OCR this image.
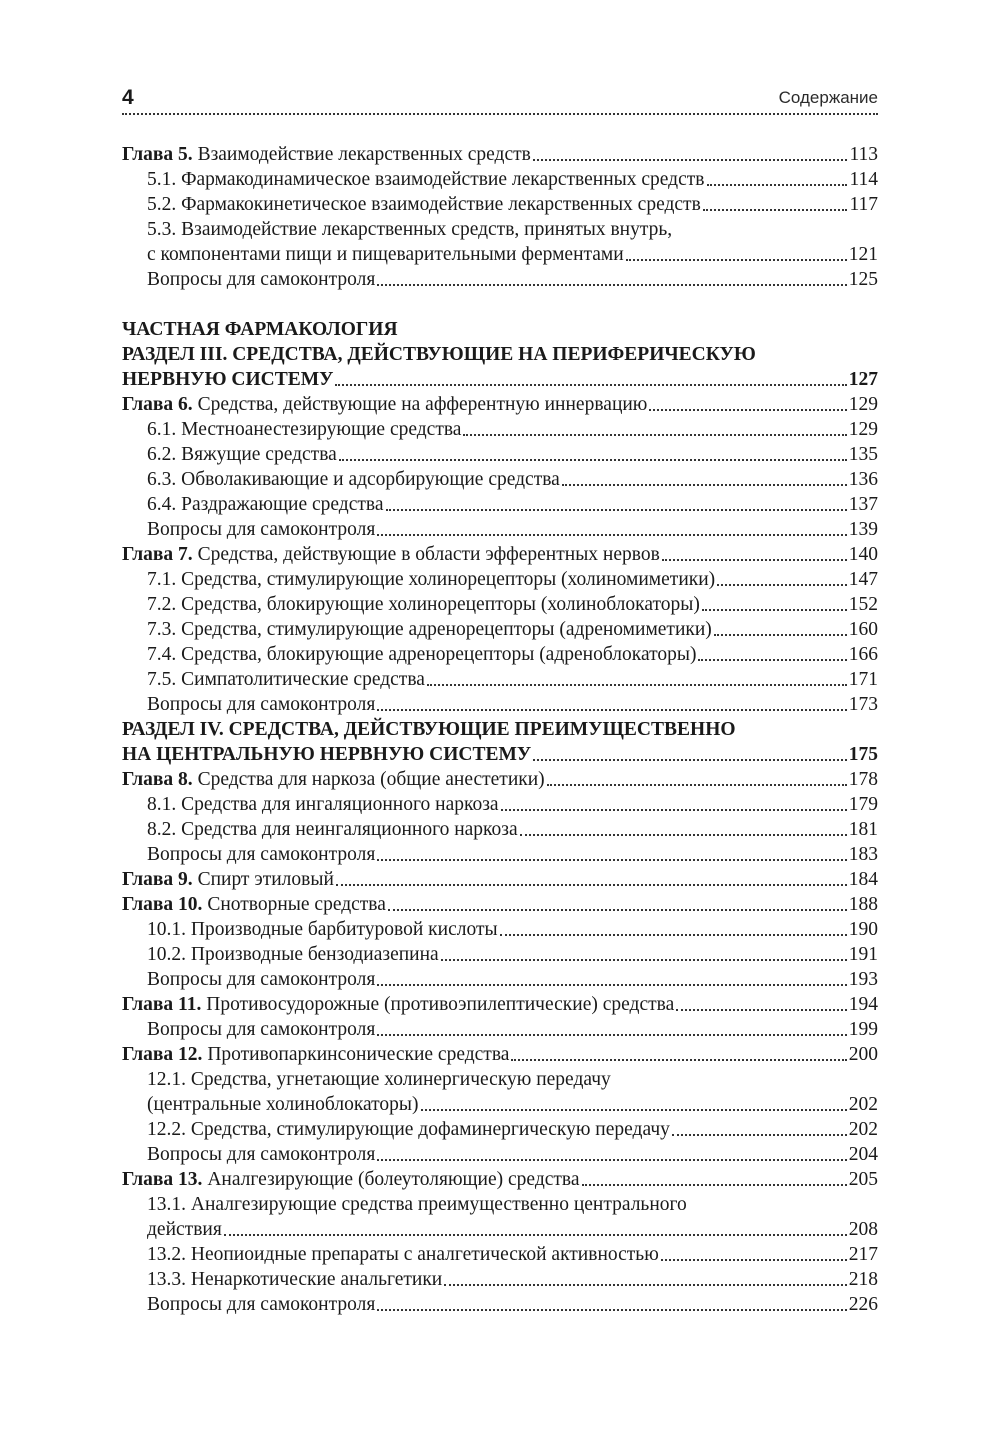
4	Содержание
Глава 5. Взаимодействие лекарственных средств	113
5.1. Фармакодинамическое взаимодействие лекарственных средств	114
5.2. Фармакокинетическое взаимодействие лекарственных средств	117
5.3. Взаимодействие лекарственных средств, принятых внутрь,
с компонентами пищи и пищеварительными ферментами	121
Вопросы для самоконтроля	125
ЧАСТНАЯ ФАРМАКОЛОГИЯ
РАЗДЕЛ III. СРЕДСТВА, ДЕЙСТВУЮЩИЕ НА ПЕРИФЕРИЧЕСКУЮ
НЕРВНУЮ СИСТЕМУ	127
Глава 6. Средства, действующие на афферентную иннервацию	129
6.1. Местноанестезирующие средства	129
6.2. Вяжущие средства	135
6.3. Обволакивающие и адсорбирующие средства	136
6.4. Раздражающие средства	137
Вопросы для самоконтроля	139
Глава 7. Средства, действующие в области эфферентных нервов	140
7.1. Средства, стимулирующие холинорецепторы (холиномиметики)	147
7.2. Средства, блокирующие холинорецепторы (холиноблокаторы)	152
7.3. Средства, стимулирующие адренорецепторы (адреномиметики)	160
7.4. Средства, блокирующие адренорецепторы (адреноблокаторы)	166
7.5. Симпатолитические средства	171
Вопросы для самоконтроля	173
РАЗДЕЛ IV. СРЕДСТВА, ДЕЙСТВУЮЩИЕ ПРЕИМУЩЕСТВЕННО
НА ЦЕНТРАЛЬНУЮ НЕРВНУЮ СИСТЕМУ	175
Глава 8. Средства для наркоза (общие анестетики)	178
8.1. Средства для ингаляционного наркоза	179
8.2. Средства для неингаляционного наркоза	181
Вопросы для самоконтроля	183
Глава 9. Спирт этиловый	184
Глава 10. Снотворные средства	188
10.1. Производные барбитуровой кислоты	190
10.2. Производные бензодиазепина	191
Вопросы для самоконтроля	193
Глава 11. Противосудорожные (противоэпилептические) средства	194
Вопросы для самоконтроля	199
Глава 12. Противопаркинсонические средства	200
12.1. Средства, угнетающие холинергическую передачу
(центральные холиноблокаторы)	202
12.2. Средства, стимулирующие дофаминергическую передачу	202
Вопросы для самоконтроля	204
Глава 13. Аналгезирующие (болеутоляющие) средства	205
13.1. Аналгезирующие средства преимущественно центрального
действия	208
13.2. Неопиоидные препараты с аналгетической активностью	217
13.3. Ненаркотические анальгетики	218
Вопросы для самоконтроля	226
